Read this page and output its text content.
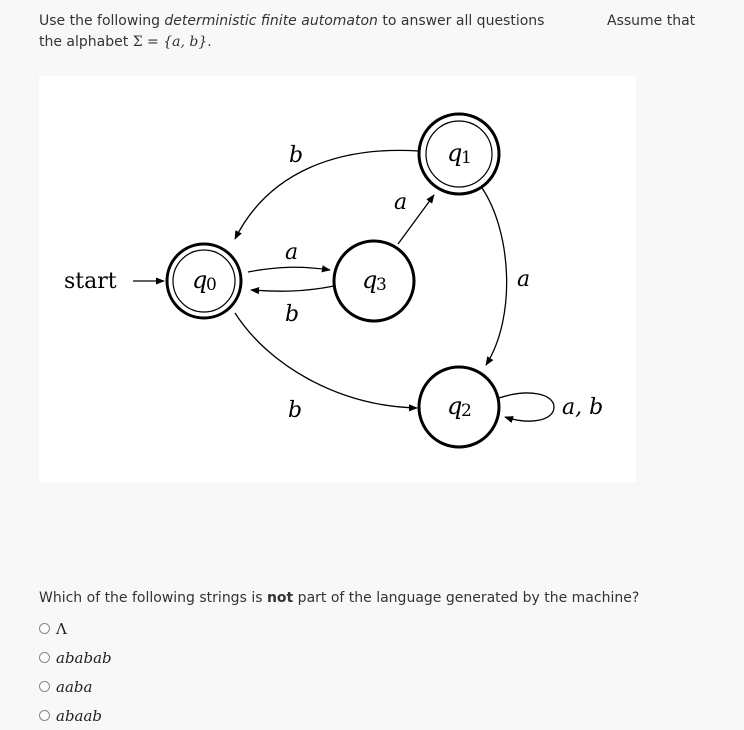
Use the following deterministic finite automaton to answer all questions	Assume that
the alphabet Σ = {a, b}.
start
b
a
b
a
a
b	a, b
q
0
q
1
q
3
q
2
Which of the following strings is not part of the language generated by the machine?
Λ
ababab
aaba
abaab
